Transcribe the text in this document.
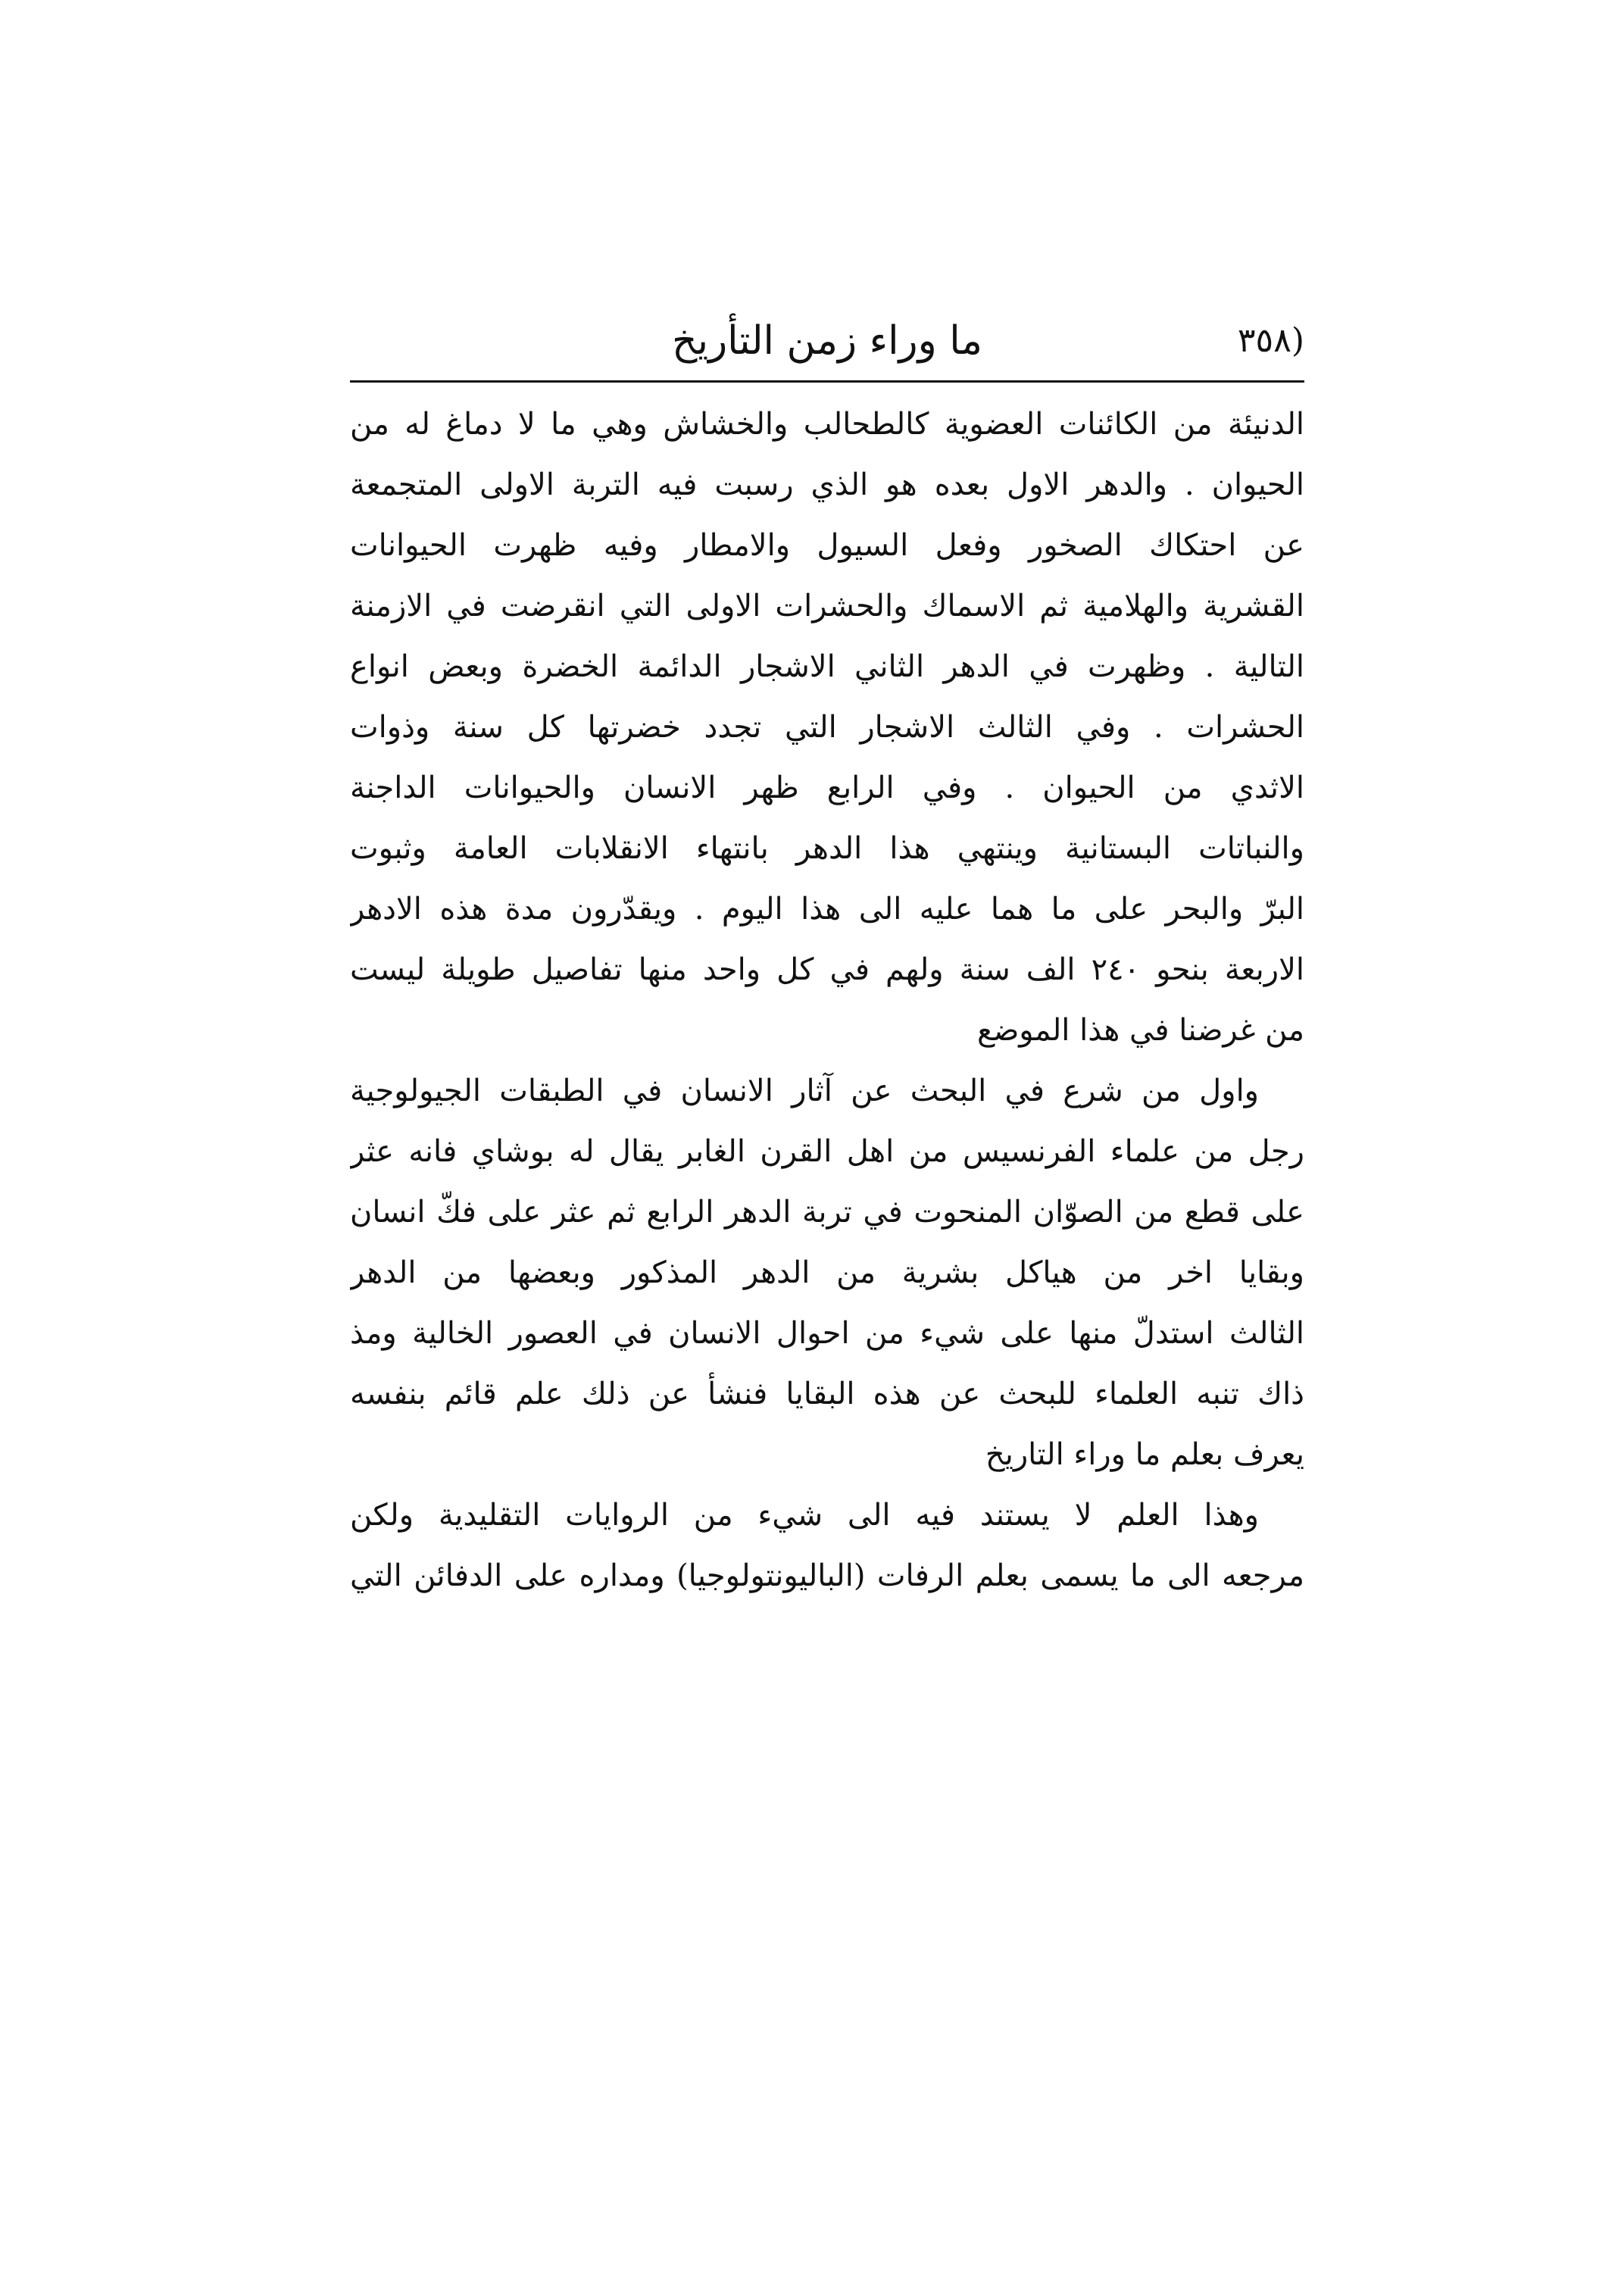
(٣٥٨
ما وراء زمن التأريخ
الدنيئة من الكائنات العضوية كالطحالب والخشاش وهي ما لا دماغ له من
الحيوان . والدهر الاول بعده هو الذي رسبت فيه التربة الاولى المتجمعة
عن احتكاك الصخور وفعل السيول والامطار وفيه ظهرت الحيوانات
القشرية والهلامية ثم الاسماك والحشرات الاولى التي انقرضت في الازمنة
التالية . وظهرت في الدهر الثاني الاشجار الدائمة الخضرة وبعض انواع
الحشرات . وفي الثالث الاشجار التي تجدد خضرتها كل سنة وذوات
الاثدي من الحيوان . وفي الرابع ظهر الانسان والحيوانات الداجنة
والنباتات البستانية وينتهي هذا الدهر بانتهاء الانقلابات العامة وثبوت
البرّ والبحر على ما هما عليه الى هذا اليوم . ويقدّرون مدة هذه الادهر
الاربعة بنحو ٢٤٠ الف سنة ولهم في كل واحد منها تفاصيل طويلة ليست
من غرضنا في هذا الموضع
واول من شرع في البحث عن آثار الانسان في الطبقات الجيولوجية
رجل من علماء الفرنسيس من اهل القرن الغابر يقال له بوشاي فانه عثر
على قطع من الصوّان المنحوت في تربة الدهر الرابع ثم عثر على فكّ انسان
وبقايا اخر من هياكل بشرية من الدهر المذكور وبعضها من الدهر
الثالث استدلّ منها على شيء من احوال الانسان في العصور الخالية ومذ
ذاك تنبه العلماء للبحث عن هذه البقايا فنشأ عن ذلك علم قائم بنفسه
يعرف بعلم ما وراء التاريخ
وهذا العلم لا يستند فيه الى شيء من الروايات التقليدية ولكن
مرجعه الى ما يسمى بعلم الرفات (الباليونتولوجيا) ومداره على الدفائن التي
